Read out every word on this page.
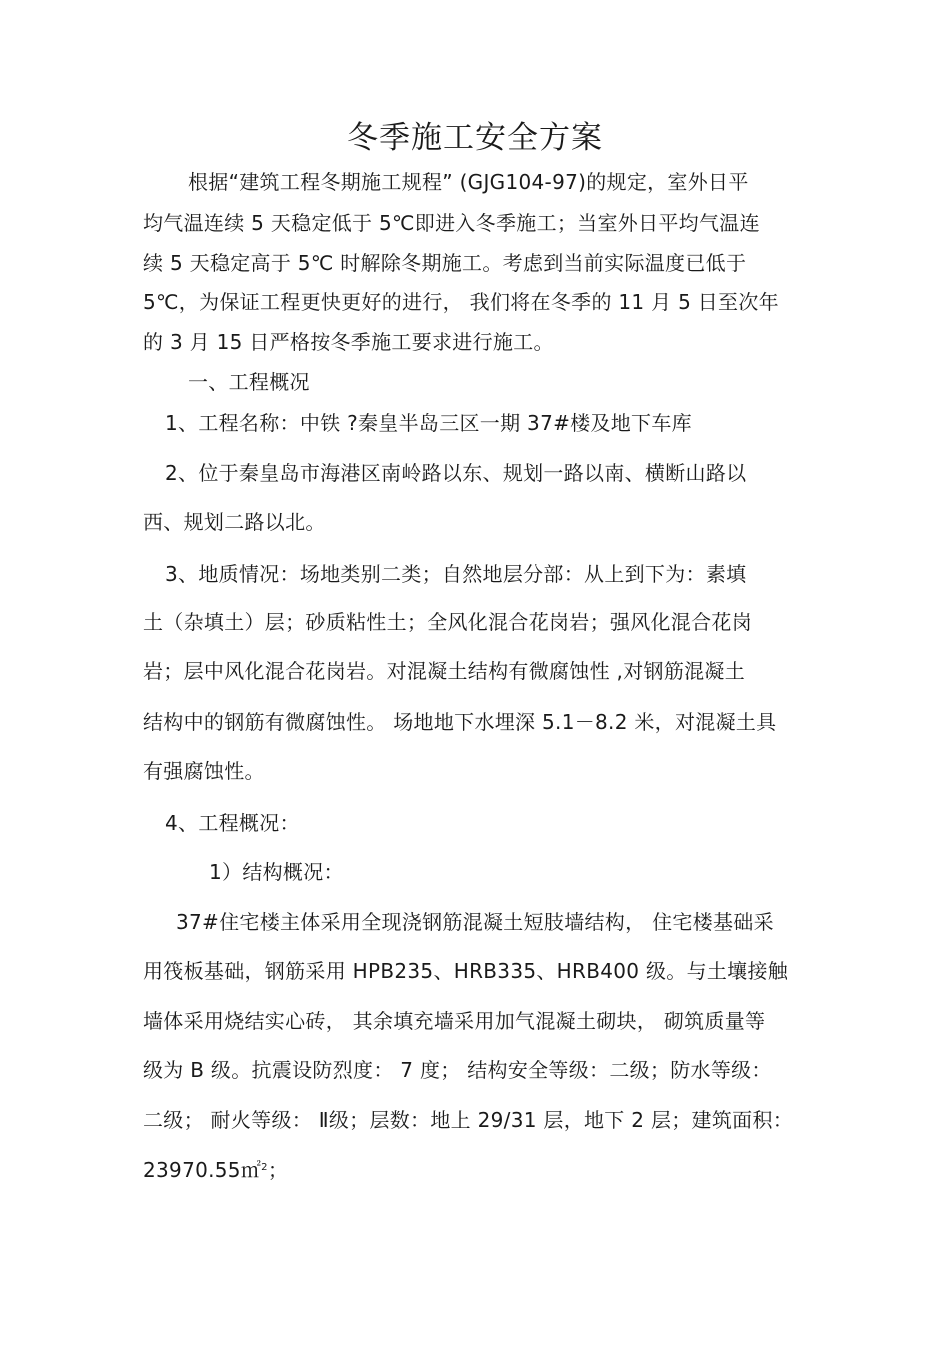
冬季施工安全方案
根据“建筑工程冬期施工规程” (GJG104-97)的规定，室外日平
均气温连续 5 天稳定低于 5℃即进入冬季施工；当室外日平均气温连
续 5 天稳定高于 5℃ 时解除冬期施工。考虑到当前实际温度已低于
5℃，为保证工程更快更好的进行， 我们将在冬季的 11 月 5 日至次年
的 3 月 15 日严格按冬季施工要求进行施工。
一、工程概况
1、工程名称：中铁 ?秦皇半岛三区一期 37#楼及地下车库
2、位于秦皇岛市海港区南岭路以东、规划一路以南、横断山路以
西、规划二路以北。
3、地质情况：场地类别二类；自然地层分部：从上到下为：素填
土（杂填土）层；砂质粘性土；全风化混合花岗岩；强风化混合花岗
岩；层中风化混合花岗岩。对混凝土结构有微腐蚀性 ,对钢筋混凝土
结构中的钢筋有微腐蚀性。 场地地下水埋深 5.1－8.2 米，对混凝土具
有强腐蚀性。
4、工程概况：
1）结构概况：
37#住宅楼主体采用全现浇钢筋混凝土短肢墙结构， 住宅楼基础采
用筏板基础，钢筋采用 HPB235、HRB335、HRB400 级。与土壤接触
墙体采用烧结实心砖， 其余填充墙采用加气混凝土砌块， 砌筑质量等
级为 B 级。抗震设防烈度： 7 度； 结构安全等级：二级；防水等级：
二级； 耐火等级： Ⅱ级；层数：地上 29/31 层，地下 2 层；建筑面积：
23970.55㎡$^2$；
